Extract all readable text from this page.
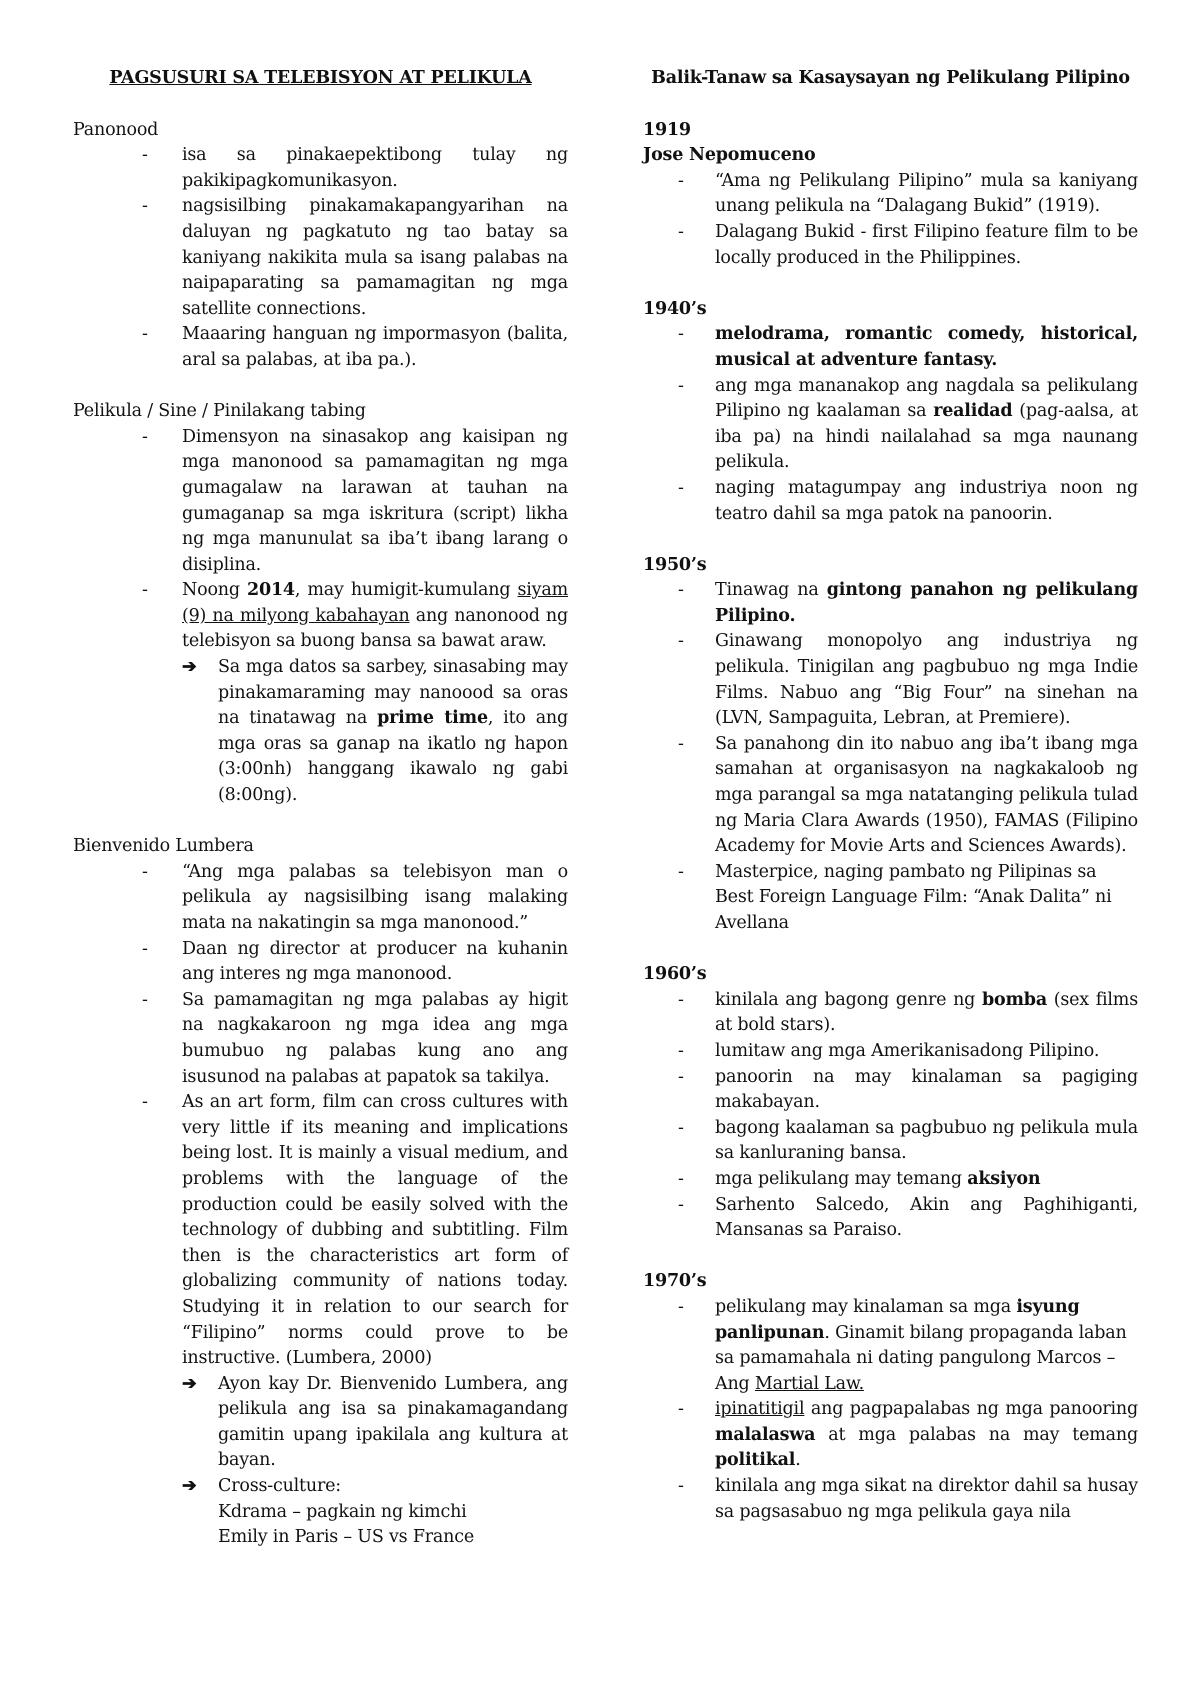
PAGSUSURI SA TELEBISYON AT PELIKULA
Panonood
- isa sa pinakaepektibong tulay ng pakikipagkomunikasyon.
- nagsisilbing pinakamakapangyarihan na daluyan ng pagkatuto ng tao batay sa kaniyang nakikita mula sa isang palabas na naipaparating sa pamamagitan ng mga satellite connections.
- Maaaring hanguan ng impormasyon (balita, aral sa palabas, at iba pa.).
Pelikula / Sine / Pinilakang tabing
- Dimensyon na sinasakop ang kaisipan ng mga manonood sa pamamagitan ng mga gumagalaw na larawan at tauhan na gumaganap sa mga iskritura (script) likha ng mga manunulat sa iba’t ibang larang o disiplina.
- Noong 2014, may humigit-kumulang siyam (9) na milyong kabahayan ang nanonood ng telebisyon sa buong bansa sa bawat araw.
➔ Sa mga datos sa sarbey, sinasabing may pinakamaraming may nanoood sa oras na tinatawag na prime time, ito ang mga oras sa ganap na ikatlo ng hapon (3:00nh) hanggang ikawalo ng gabi (8:00ng).
Bienvenido Lumbera
- “Ang mga palabas sa telebisyon man o pelikula ay nagsisilbing isang malaking mata na nakatingin sa mga manonood.”
- Daan ng director at producer na kuhanin ang interes ng mga manonood.
- Sa pamamagitan ng mga palabas ay higit na nagkakaroon ng mga idea ang mga bumubuo ng palabas kung ano ang isusunod na palabas at papatok sa takilya.
- As an art form, film can cross cultures with very little if its meaning and implications being lost. It is mainly a visual medium, and problems with the language of the production could be easily solved with the technology of dubbing and subtitling. Film then is the characteristics art form of globalizing community of nations today. Studying it in relation to our search for “Filipino” norms could prove to be instructive. (Lumbera, 2000)
➔ Ayon kay Dr. Bienvenido Lumbera, ang pelikula ang isa sa pinakamagandang gamitin upang ipakilala ang kultura at bayan.
➔ Cross-culture:
Kdrama – pagkain ng kimchi
Emily in Paris – US vs France
Balik-Tanaw sa Kasaysayan ng Pelikulang Pilipino
1919
Jose Nepomuceno
- “Ama ng Pelikulang Pilipino” mula sa kaniyang unang pelikula na “Dalagang Bukid” (1919).
- Dalagang Bukid - first Filipino feature film to be locally produced in the Philippines.
1940’s
- melodrama, romantic comedy, historical, musical at adventure fantasy.
- ang mga mananakop ang nagdala sa pelikulang Pilipino ng kaalaman sa realidad (pag-aalsa, at iba pa) na hindi nailalahad sa mga naunang pelikula.
- naging matagumpay ang industriya noon ng teatro dahil sa mga patok na panoorin.
1950’s
- Tinawag na gintong panahon ng pelikulang Pilipino.
- Ginawang monopolyo ang industriya ng pelikula. Tinigilan ang pagbubuo ng mga Indie Films. Nabuo ang “Big Four” na sinehan na (LVN, Sampaguita, Lebran, at Premiere).
- Sa panahong din ito nabuo ang iba’t ibang mga samahan at organisasyon na nagkakaloob ng mga parangal sa mga natatanging pelikula tulad ng Maria Clara Awards (1950), FAMAS (Filipino Academy for Movie Arts and Sciences Awards).
- Masterpice, naging pambato ng Pilipinas sa Best Foreign Language Film: “Anak Dalita” ni Avellana
1960’s
- kinilala ang bagong genre ng bomba (sex films at bold stars).
- lumitaw ang mga Amerikanisadong Pilipino.
- panoorin na may kinalaman sa pagiging makabayan.
- bagong kaalaman sa pagbubuo ng pelikula mula sa kanluraning bansa.
- mga pelikulang may temang aksiyon
- Sarhento Salcedo, Akin ang Paghihiganti, Mansanas sa Paraiso.
1970’s
- pelikulang may kinalaman sa mga isyung panlipunan. Ginamit bilang propaganda laban sa pamamahala ni dating pangulong Marcos – Ang Martial Law.
- ipinatitigil ang pagpapalabas ng mga panooring malalaswa at mga palabas na may temang politikal.
- kinilala ang mga sikat na direktor dahil sa husay sa pagsasabuo ng mga pelikula gaya nila
